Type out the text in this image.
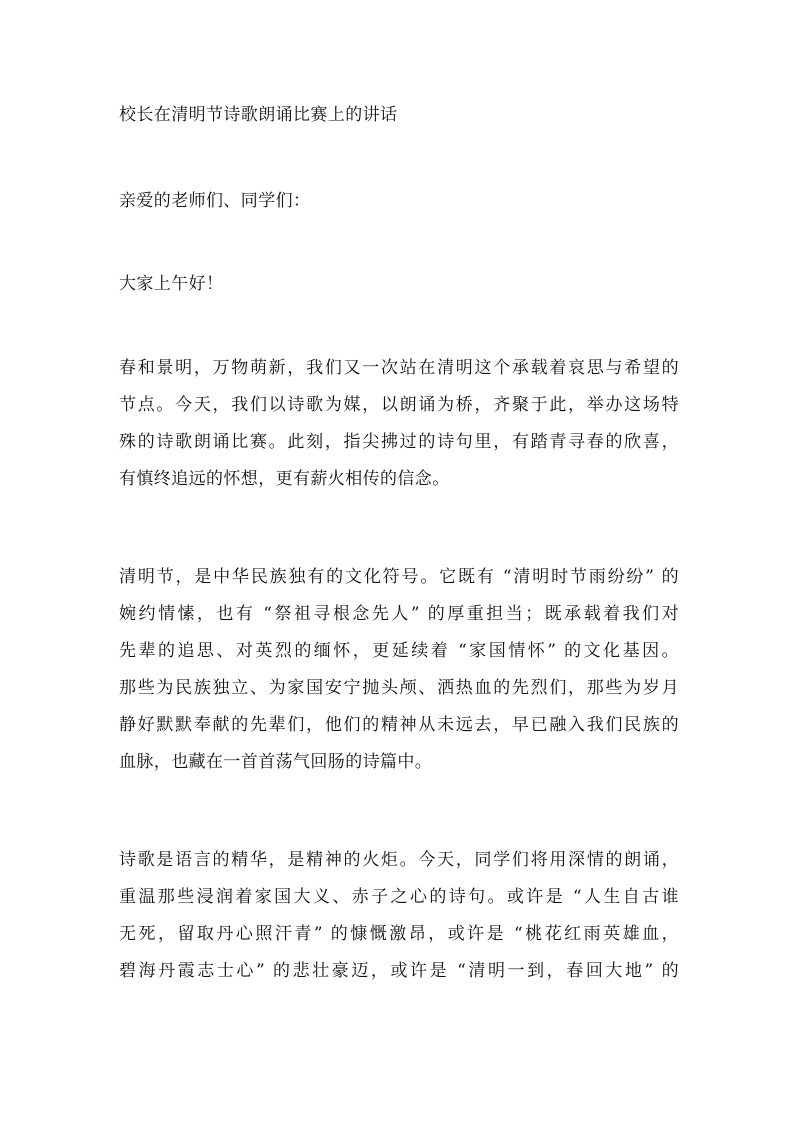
校长在清明节诗歌朗诵比赛上的讲话
亲爱的老师们、同学们：
大家上午好！
春和景明，万物萌新，我们又一次站在清明这个承载着哀思与希望的
节点。今天，我们以诗歌为媒，以朗诵为桥，齐聚于此，举办这场特
殊的诗歌朗诵比赛。此刻，指尖拂过的诗句里，有踏青寻春的欣喜，
有慎终追远的怀想，更有薪火相传的信念。
清明节，是中华民族独有的文化符号。它既有 “清明时节雨纷纷” 的
婉约情愫，也有 “祭祖寻根念先人” 的厚重担当；既承载着我们对
先辈的追思、对英烈的缅怀，更延续着 “家国情怀” 的文化基因。
那些为民族独立、为家国安宁抛头颅、洒热血的先烈们，那些为岁月
静好默默奉献的先辈们，他们的精神从未远去，早已融入我们民族的
血脉，也藏在一首首荡气回肠的诗篇中。
诗歌是语言的精华，是精神的火炬。今天，同学们将用深情的朗诵，
重温那些浸润着家国大义、赤子之心的诗句。或许是 “人生自古谁
无死，留取丹心照汗青” 的慷慨激昂，或许是 “桃花红雨英雄血，
碧海丹霞志士心” 的悲壮豪迈，或许是 “清明一到，春回大地” 的
